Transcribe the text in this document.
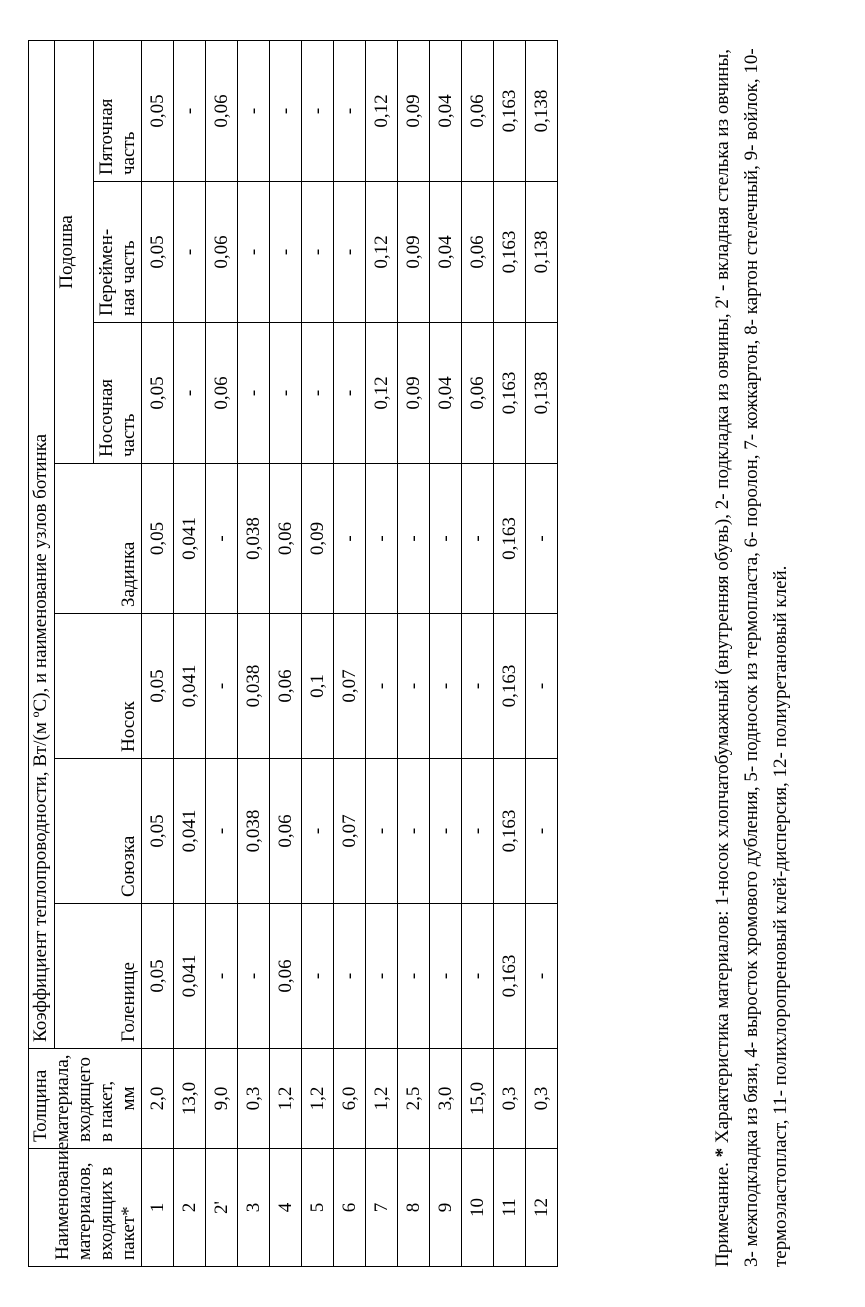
Наименование
материалов,
входящих в
пакет*	Толщина
материала,
входящего
в пакет, мм	Коэффициент теплопроводности, Вт/(м ºС), и наименование узлов ботинка						
		Голенище	Союзка	Носок	Задинка	Подошва		
						Носочная
часть	Переймен-
ная часть	Пяточная
часть
1	2,0	0,05	0,05	0,05	0,05	0,05	0,05	0,05
2	13,0	0,041	0,041	0,041	0,041	-	-	-
2'	9,0	-	-	-	-	0,06	0,06	0,06
3	0,3	-	0,038	0,038	0,038	-	-	-
4	1,2	0,06	0,06	0,06	0,06	-	-	-
5	1,2	-	-	0,1	0,09	-	-	-
6	6,0	-	0,07	0,07	-	-	-	-
7	1,2	-	-	-	-	0,12	0,12	0,12
8	2,5	-	-	-	-	0,09	0,09	0,09
9	3,0	-	-	-	-	0,04	0,04	0,04
10	15,0	-	-	-	-	0,06	0,06	0,06
11	0,3	0,163	0,163	0,163	0,163	0,163	0,163	0,163
12	0,3	-	-	-	-	0,138	0,138	0,138
Примечание. * Характеристика материалов: 1-носок хлопчатобумажный (внутренняя обувь), 2- подкладка из овчины, 2' - вкладная стелька из овчины, 3- межподкладка из бязи, 4- выросток хромового дубления, 5- подносок из термопласта, 6- поролон, 7- кожкартон, 8- картон стелечный, 9- войлок, 10- термоэластопласт, 11- полихлоропреновый клей-дисперсия, 12- полиуретановый клей.
